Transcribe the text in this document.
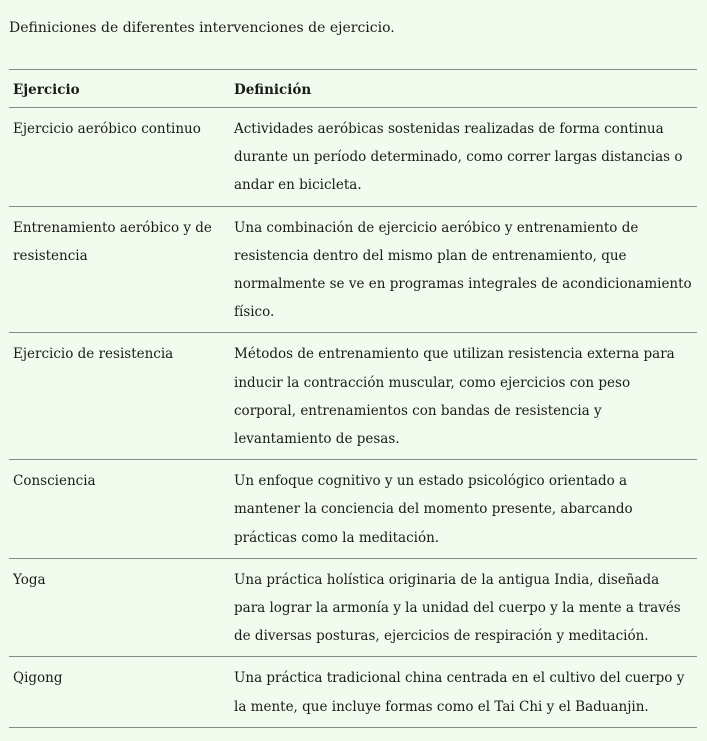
Definiciones de diferentes intervenciones de ejercicio.
Ejercicio	Definición
Ejercicio aeróbico continuo	Actividades aeróbicas sostenidas realizadas de forma continua durante un período determinado, como correr largas distancias o andar en bicicleta.
Entrenamiento aeróbico y de resistencia	Una combinación de ejercicio aeróbico y entrenamiento de resistencia dentro del mismo plan de entrenamiento, que normalmente se ve en programas integrales de acondicionamiento físico.
Ejercicio de resistencia	Métodos de entrenamiento que utilizan resistencia externa para inducir la contracción muscular, como ejercicios con peso corporal, entrenamientos con bandas de resistencia y levantamiento de pesas.
Consciencia	Un enfoque cognitivo y un estado psicológico orientado a mantener la conciencia del momento presente, abarcando prácticas como la meditación.
Yoga	Una práctica holística originaria de la antigua India, diseñada para lograr la armonía y la unidad del cuerpo y la mente a través de diversas posturas, ejercicios de respiración y meditación.
Qigong	Una práctica tradicional china centrada en el cultivo del cuerpo y la mente, que incluye formas como el Tai Chi y el Baduanjin.
